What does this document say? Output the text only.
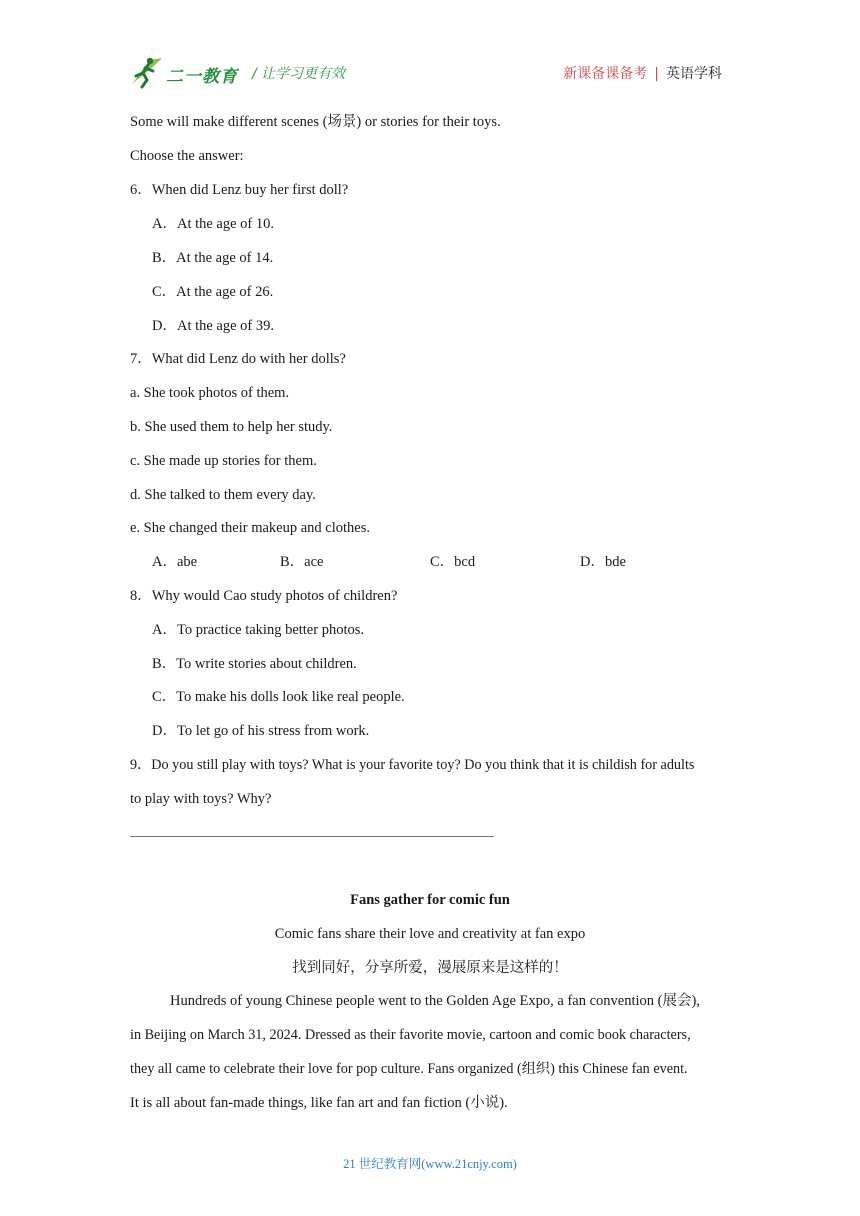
二一教育 / 让学习更有效	新课备课备考 | 英语学科
Some will make different scenes (场景) or stories for their toys.
Choose the answer:
6．When did Lenz buy her first doll?
A．At the age of 10.
B．At the age of 14.
C．At the age of 26.
D．At the age of 39.
7．What did Lenz do with her dolls?
a. She took photos of them.
b. She used them to help her study.
c. She made up stories for them.
d. She talked to them every day.
e. She changed their makeup and clothes.
A．abe	B．ace	C．bcd	D．bde
8．Why would Cao study photos of children?
A．To practice taking better photos.
B．To write stories about children.
C．To make his dolls look like real people.
D．To let go of his stress from work.
9．Do you still play with toys? What is your favorite toy? Do you think that it is childish for adults
to play with toys? Why?
Fans gather for comic fun
Comic fans share their love and creativity at fan expo
找到同好，分享所爱，漫展原来是这样的！
Hundreds of young Chinese people went to the Golden Age Expo, a fan convention (展会),
in Beijing on March 31, 2024. Dressed as their favorite movie, cartoon and comic book characters,
they all came to celebrate their love for pop culture. Fans organized (组织) this Chinese fan event.
It is all about fan-made things, like fan art and fan fiction (小说).
21 世纪教育网(www.21cnjy.com)
